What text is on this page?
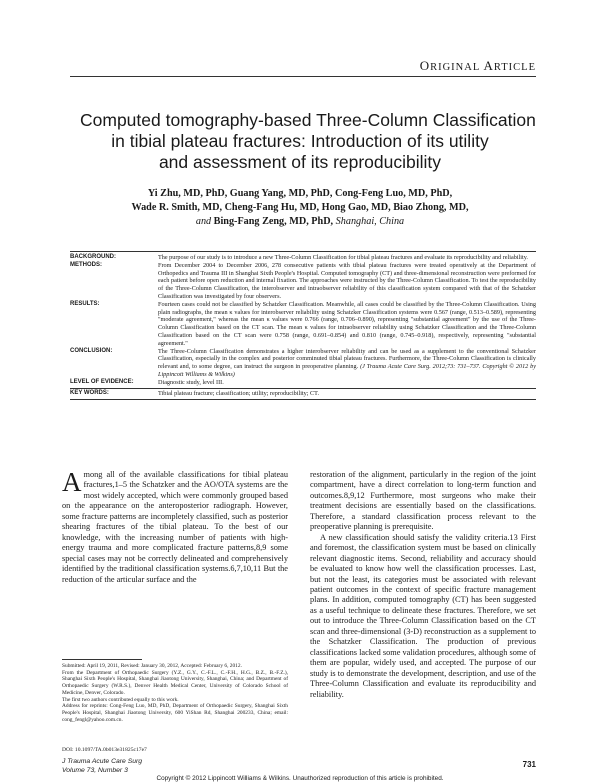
ORIGINAL ARTICLE
Computed tomography-based Three-Column Classification
in tibial plateau fractures: Introduction of its utility
and assessment of its reproducibility
Yi Zhu, MD, PhD, Guang Yang, MD, PhD, Cong-Feng Luo, MD, PhD,
Wade R. Smith, MD, Cheng-Fang Hu, MD, Hong Gao, MD, Biao Zhong, MD,
and Bing-Fang Zeng, MD, PhD, Shanghai, China
BACKGROUND:	The purpose of our study is to introduce a new Three-Column Classification for tibial plateau fractures and evaluate its reproducibility and reliability.
METHODS:	From December 2004 to December 2006, 278 consecutive patients with tibial plateau fractures were treated operatively at the Department of Orthopedics and Trauma III in Shanghai Sixth People's Hospital. Computed tomography (CT) and three-dimensional reconstruction were preformed for each patient before open reduction and internal fixation. The approaches were instructed by the Three-Column Classification. To test the reproducibility of the Three-Column Classification, the interobserver and intraobserver reliability of this classification system compared with that of the Schatzker Classification was investigated by four observers.
RESULTS:	Fourteen cases could not be classified by Schatzker Classification. Meanwhile, all cases could be classified by the Three-Column Classification. Using plain radiographs, the mean κ values for interobserver reliability using Schatzker Classification systems were 0.567 (range, 0.513–0.589), representing "moderate agreement," whereas the mean κ values were 0.766 (range, 0.706–0.890), representing "substantial agreement" by the use of the Three-Column Classification based on the CT scan. The mean κ values for intraobserver reliability using Schatzker Classification and the Three-Column Classification based on the CT scan were 0.758 (range, 0.691–0.854) and 0.810 (range, 0.745–0.918), respectively, representing "substantial agreement."
CONCLUSION:	The Three-Column Classification demonstrates a higher interobserver reliability and can be used as a supplement to the conventional Schatzker Classification, especially in the complex and posterior comminuted tibial plateau fractures. Furthermore, the Three-Column Classification is clinically relevant and, to some degree, can instruct the surgeon in preoperative planning. (J Trauma Acute Care Surg. 2012;73: 731–737. Copyright © 2012 by Lippincott Williams & Wilkins)
LEVEL OF EVIDENCE:	Diagnostic study, level III.
KEY WORDS:	Tibial plateau fracture; classification; utility; reproducibility; CT.

Among all of the available classifications for tibial plateau fractures,1–5 the Schatzker and the AO/OTA systems are the most widely accepted, which were commonly grouped based on the appearance on the anteroposterior radiograph. However, some fracture patterns are incompletely classified, such as posterior shearing fractures of the tibial plateau. To the best of our knowledge, with the increasing number of patients with high-energy trauma and more complicated fracture patterns,8,9 some special cases may not be correctly delineated and comprehensively identified by the traditional classification systems.6,7,10,11 But the reduction of the articular surface and the

restoration of the alignment, particularly in the region of the joint compartment, have a direct correlation to long-term function and outcomes.8,9,12 Furthermore, most surgeons who make their treatment decisions are essentially based on the classifications. Therefore, a standard classification process relevant to the preoperative planning is prerequisite.

A new classification should satisfy the validity criteria.13 First and foremost, the classification system must be based on clinically relevant diagnostic items. Second, reliability and accuracy should be evaluated to know how well the classification processes. Last, but not the least, its categories must be associated with relevant patient outcomes in the context of specific fracture management plans. In addition, computed tomography (CT) has been suggested as a useful technique to delineate these fractures. Therefore, we set out to introduce the Three-Column Classification based on the CT scan and three-dimensional (3-D) reconstruction as a supplement to the Schatzker Classification. The production of previous classifications lacked some validation procedures, although some of them are popular, widely used, and accepted. The purpose of our study is to demonstrate the development, description, and use of the Three-Column Classification and evaluate its reproducibility and reliability.

Submitted: April 19, 2011, Revised: January 30, 2012, Accepted: February 6, 2012.
From the Department of Orthopaedic Surgery (Y.Z., G.Y., C.-F.L., C.-F.H., H.G., B.Z., B.-F.Z.), Shanghai Sixth People's Hospital, Shanghai Jiaotong University, Shanghai, China; and Department of Orthopaedic Surgery (W.R.S.), Denver Health Medical Center, University of Colorado School of Medicine, Denver, Colorado.
The first two authors contributed equally to this work.
Address for reprints: Cong-Feng Luo, MD, PhD, Department of Orthopaedic Surgery, Shanghai Sixth People's Hospital, Shanghai Jiaotong University, 600 YiShan Rd, Shanghai 200233, China; email: cong_fengl@yahoo.com.cn.
DOI: 10.1097/TA.0b013e31825c17e7
J Trauma Acute Care Surg
Volume 73, Number 3
731
Copyright © 2012 Lippincott Williams & Wilkins. Unauthorized reproduction of this article is prohibited.
